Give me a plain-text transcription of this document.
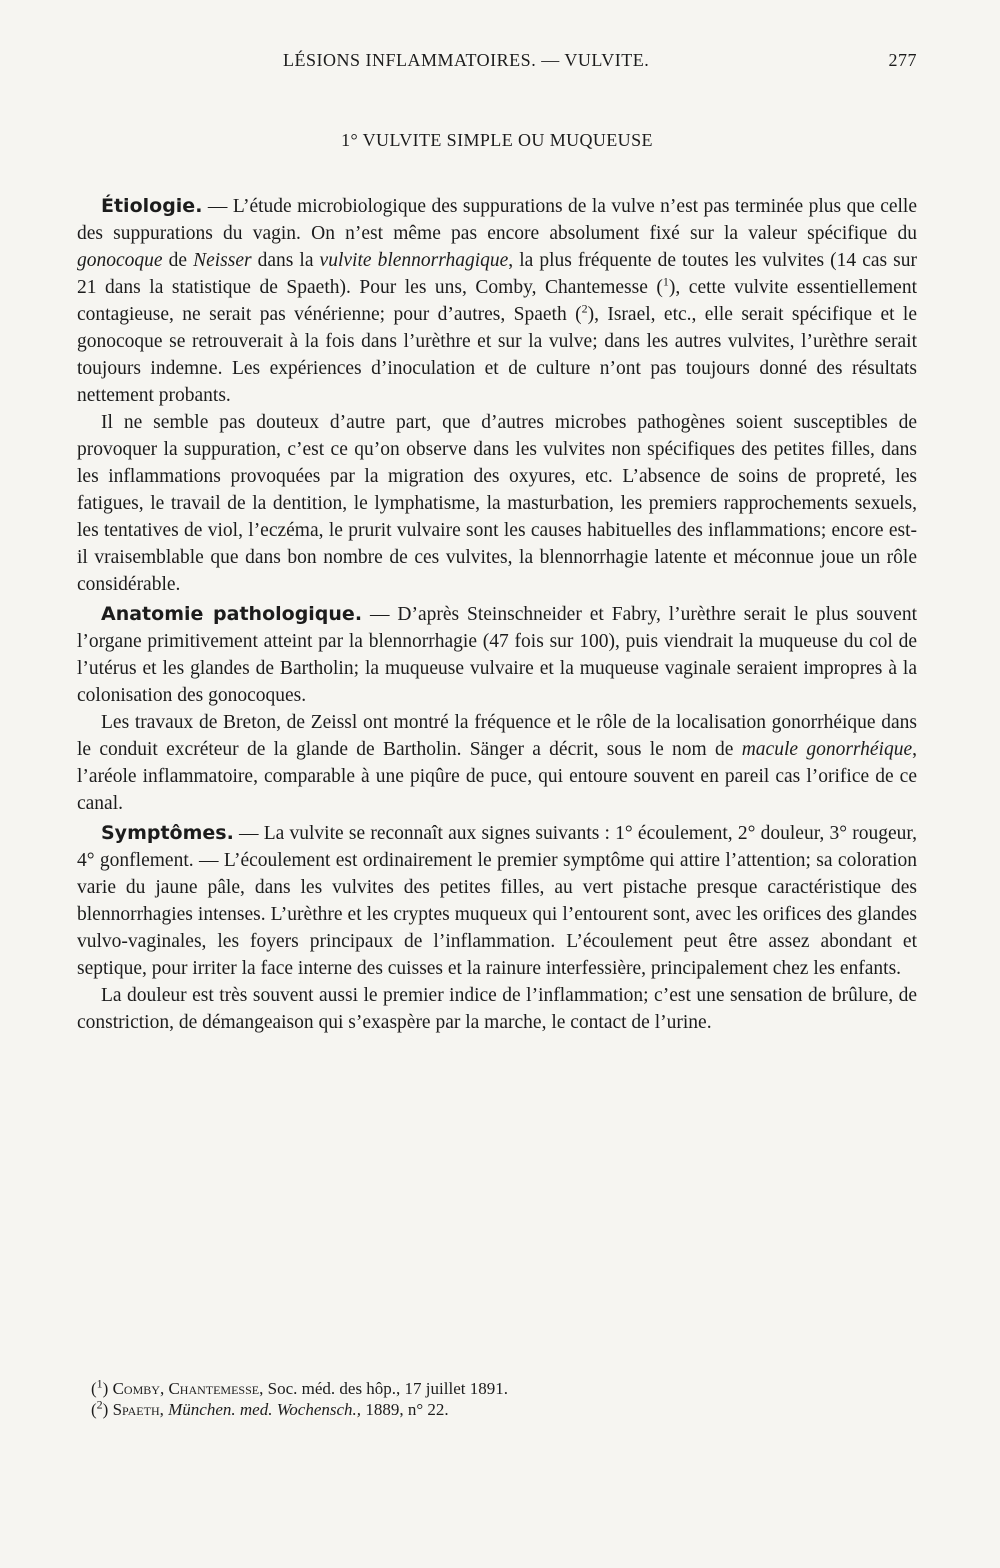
LÉSIONS INFLAMMATOIRES. — VULVITE.	277
1° VULVITE SIMPLE OU MUQUEUSE

Étiologie. — L’étude microbiologique des suppurations de la vulve n’est pas terminée plus que celle des suppurations du vagin. On n’est même pas encore absolument fixé sur la valeur spécifique du gonocoque de Neisser dans la vulvite blennorrhagique, la plus fréquente de toutes les vulvites (14 cas sur 21 dans la statistique de Spaeth). Pour les uns, Comby, Chantemesse ($^1$), cette vulvite essentiellement contagieuse, ne serait pas vénérienne; pour d’autres, Spaeth ($^2$), Israel, etc., elle serait spécifique et le gonocoque se retrouverait à la fois dans l’urèthre et sur la vulve; dans les autres vulvites, l’urèthre serait toujours indemne. Les expériences d’inoculation et de culture n’ont pas toujours donné des résultats nettement probants.

Il ne semble pas douteux d’autre part, que d’autres microbes pathogènes soient susceptibles de provoquer la suppuration, c’est ce qu’on observe dans les vulvites non spécifiques des petites filles, dans les inflammations provoquées par la migration des oxyures, etc. L’absence de soins de propreté, les fatigues, le travail de la dentition, le lymphatisme, la masturbation, les premiers rapprochements sexuels, les tentatives de viol, l’eczéma, le prurit vulvaire sont les causes habituelles des inflammations; encore est-il vraisemblable que dans bon nombre de ces vulvites, la blennorrhagie latente et méconnue joue un rôle considérable.

Anatomie pathologique. — D’après Steinschneider et Fabry, l’urèthre serait le plus souvent l’organe primitivement atteint par la blennorrhagie (47 fois sur 100), puis viendrait la muqueuse du col de l’utérus et les glandes de Bartholin; la muqueuse vulvaire et la muqueuse vaginale seraient impropres à la colonisation des gonocoques.

Les travaux de Breton, de Zeissl ont montré la fréquence et le rôle de la localisation gonorrhéique dans le conduit excréteur de la glande de Bartholin. Sänger a décrit, sous le nom de macule gonorrhéique, l’aréole inflammatoire, comparable à une piqûre de puce, qui entoure souvent en pareil cas l’orifice de ce canal.

Symptômes. — La vulvite se reconnaît aux signes suivants : 1° écoulement, 2° douleur, 3° rougeur, 4° gonflement. — L’écoulement est ordinairement le premier symptôme qui attire l’attention; sa coloration varie du jaune pâle, dans les vulvites des petites filles, au vert pistache presque caractéristique des blennorrhagies intenses. L’urèthre et les cryptes muqueux qui l’entourent sont, avec les orifices des glandes vulvo-vaginales, les foyers principaux de l’inflammation. L’écoulement peut être assez abondant et septique, pour irriter la face interne des cuisses et la rainure interfessière, principalement chez les enfants.

La douleur est très souvent aussi le premier indice de l’inflammation; c’est une sensation de brûlure, de constriction, de démangeaison qui s’exaspère par la marche, le contact de l’urine.

($^1$) Comby, Chantemesse, Soc. méd. des hôp., 17 juillet 1891.

($^2$) Spaeth, München. med. Wochensch., 1889, n° 22.
